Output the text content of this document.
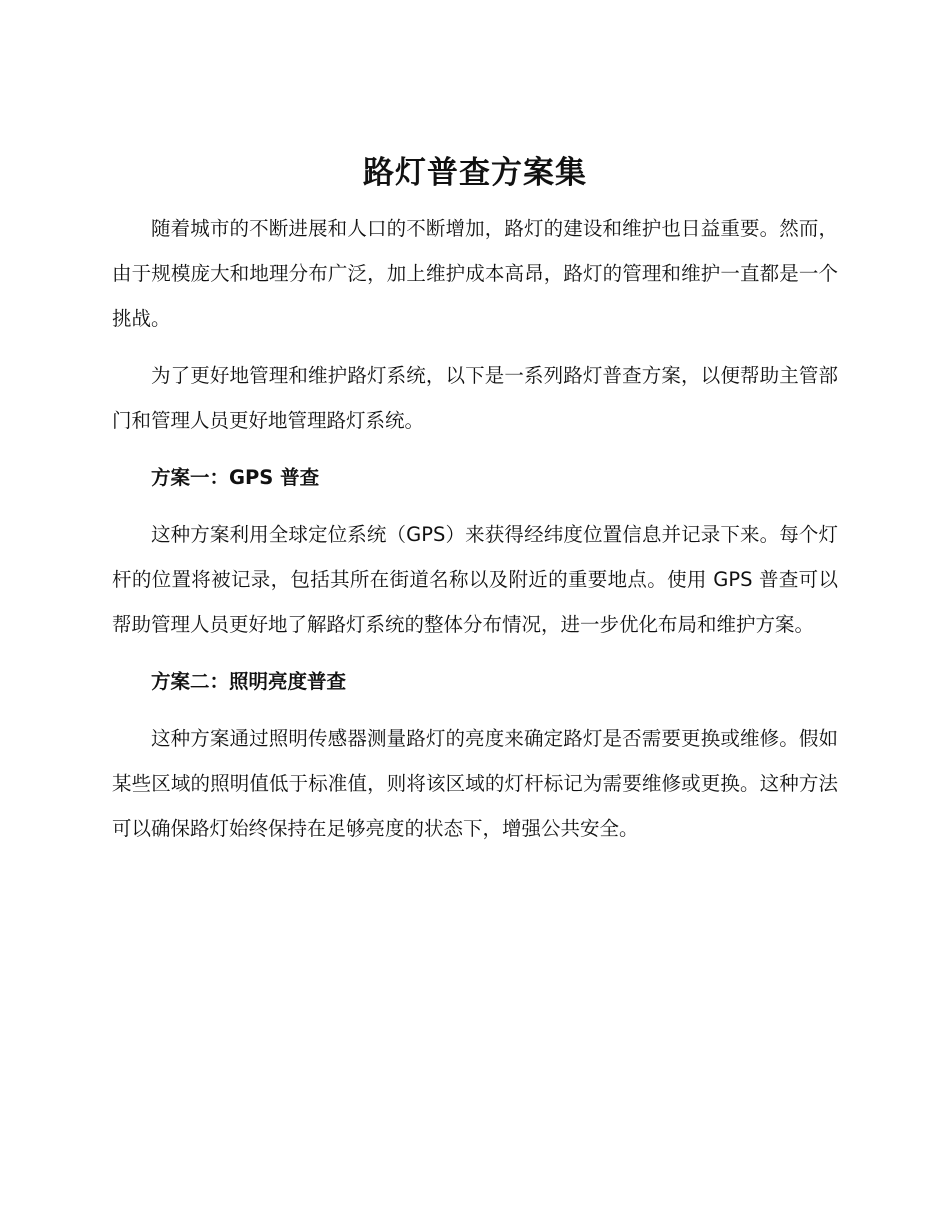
路灯普查方案集

随着城市的不断进展和人口的不断增加，路灯的建设和维护也日益重要。然而，由于规模庞大和地理分布广泛，加上维护成本高昂，路灯的管理和维护一直都是一个挑战。

为了更好地管理和维护路灯系统，以下是一系列路灯普查方案，以便帮助主管部门和管理人员更好地管理路灯系统。

方案一：GPS 普查

这种方案利用全球定位系统（GPS）来获得经纬度位置信息并记录下来。每个灯杆的位置将被记录，包括其所在街道名称以及附近的重要地点。使用 GPS 普查可以帮助管理人员更好地了解路灯系统的整体分布情况，进一步优化布局和维护方案。

方案二：照明亮度普查

这种方案通过照明传感器测量路灯的亮度来确定路灯是否需要更换或维修。假如某些区域的照明值低于标准值，则将该区域的灯杆标记为需要维修或更换。这种方法可以确保路灯始终保持在足够亮度的状态下，增强公共安全。
